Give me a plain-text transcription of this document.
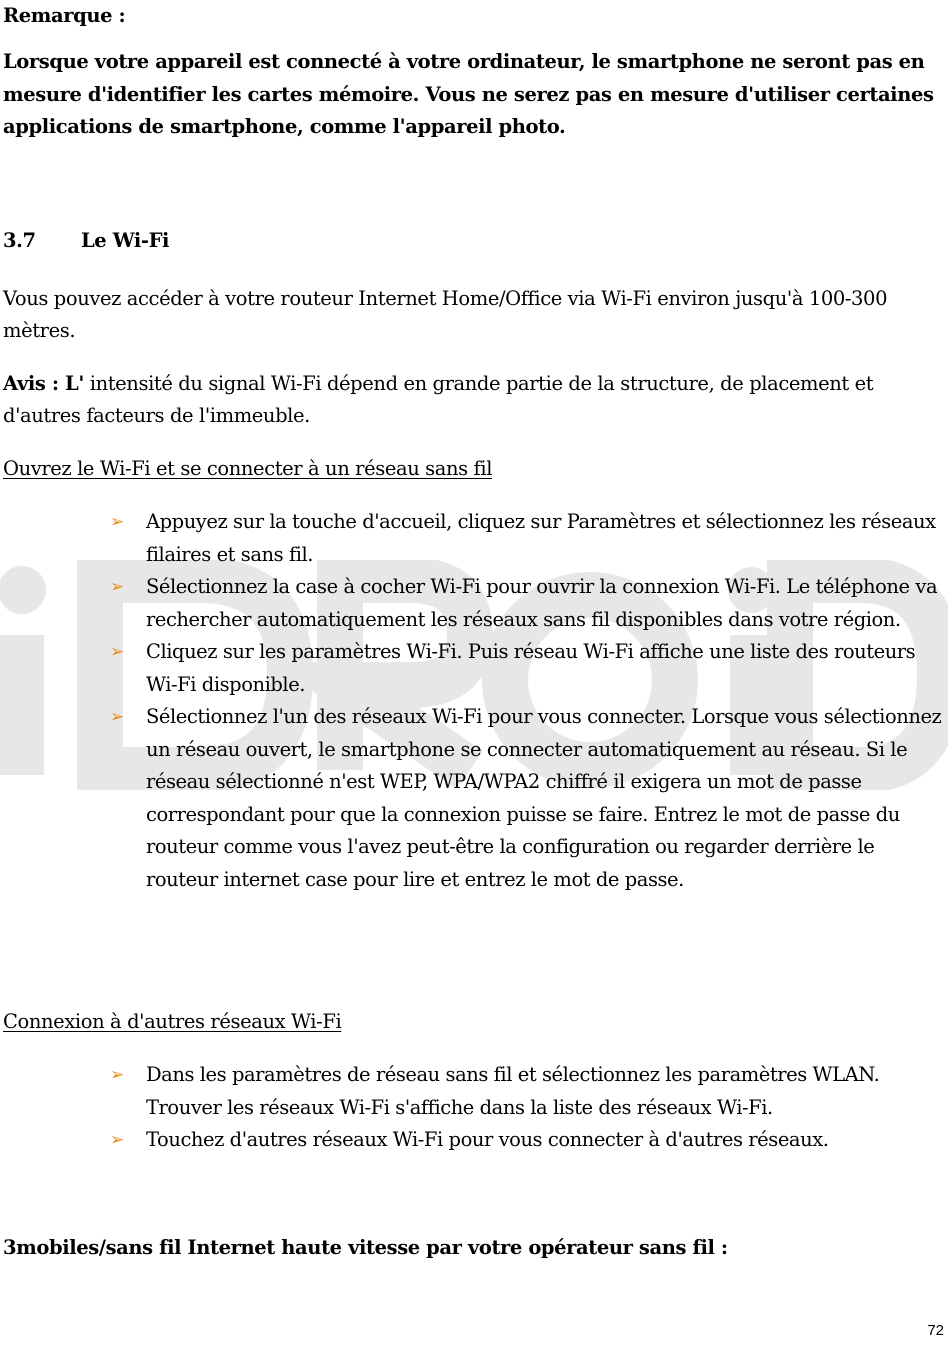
Remarque :

Lorsque votre appareil est connecté à votre ordinateur, le smartphone ne seront pas en mesure d'identifier les cartes mémoire. Vous ne serez pas en mesure d'utiliser certaines applications de smartphone, comme l'appareil photo.

3.7 Le Wi-Fi

Vous pouvez accéder à votre routeur Internet Home/Office via Wi-Fi environ jusqu'à 100-300 mètres.

Avis : L' intensité du signal Wi-Fi dépend en grande partie de la structure, de placement et d'autres facteurs de l'immeuble.

Ouvrez le Wi-Fi et se connecter à un réseau sans fil

➢ Appuyez sur la touche d'accueil, cliquez sur Paramètres et sélectionnez les réseaux filaires et sans fil.
➢ Sélectionnez la case à cocher Wi-Fi pour ouvrir la connexion Wi-Fi. Le téléphone va rechercher automatiquement les réseaux sans fil disponibles dans votre région.
➢ Cliquez sur les paramètres Wi-Fi. Puis réseau Wi-Fi affiche une liste des routeurs Wi-Fi disponible.
➢ Sélectionnez l'un des réseaux Wi-Fi pour vous connecter. Lorsque vous sélectionnez un réseau ouvert, le smartphone se connecter automatiquement au réseau. Si le réseau sélectionné n'est WEP, WPA/WPA2 chiffré il exigera un mot de passe correspondant pour que la connexion puisse se faire. Entrez le mot de passe du routeur comme vous l'avez peut-être la configuration ou regarder derrière le routeur internet case pour lire et entrez le mot de passe.

Connexion à d'autres réseaux Wi-Fi

➢ Dans les paramètres de réseau sans fil et sélectionnez les paramètres WLAN. Trouver les réseaux Wi-Fi s'affiche dans la liste des réseaux Wi-Fi.
➢ Touchez d'autres réseaux Wi-Fi pour vous connecter à d'autres réseaux.

3mobiles/sans fil Internet haute vitesse par votre opérateur sans fil :

72
